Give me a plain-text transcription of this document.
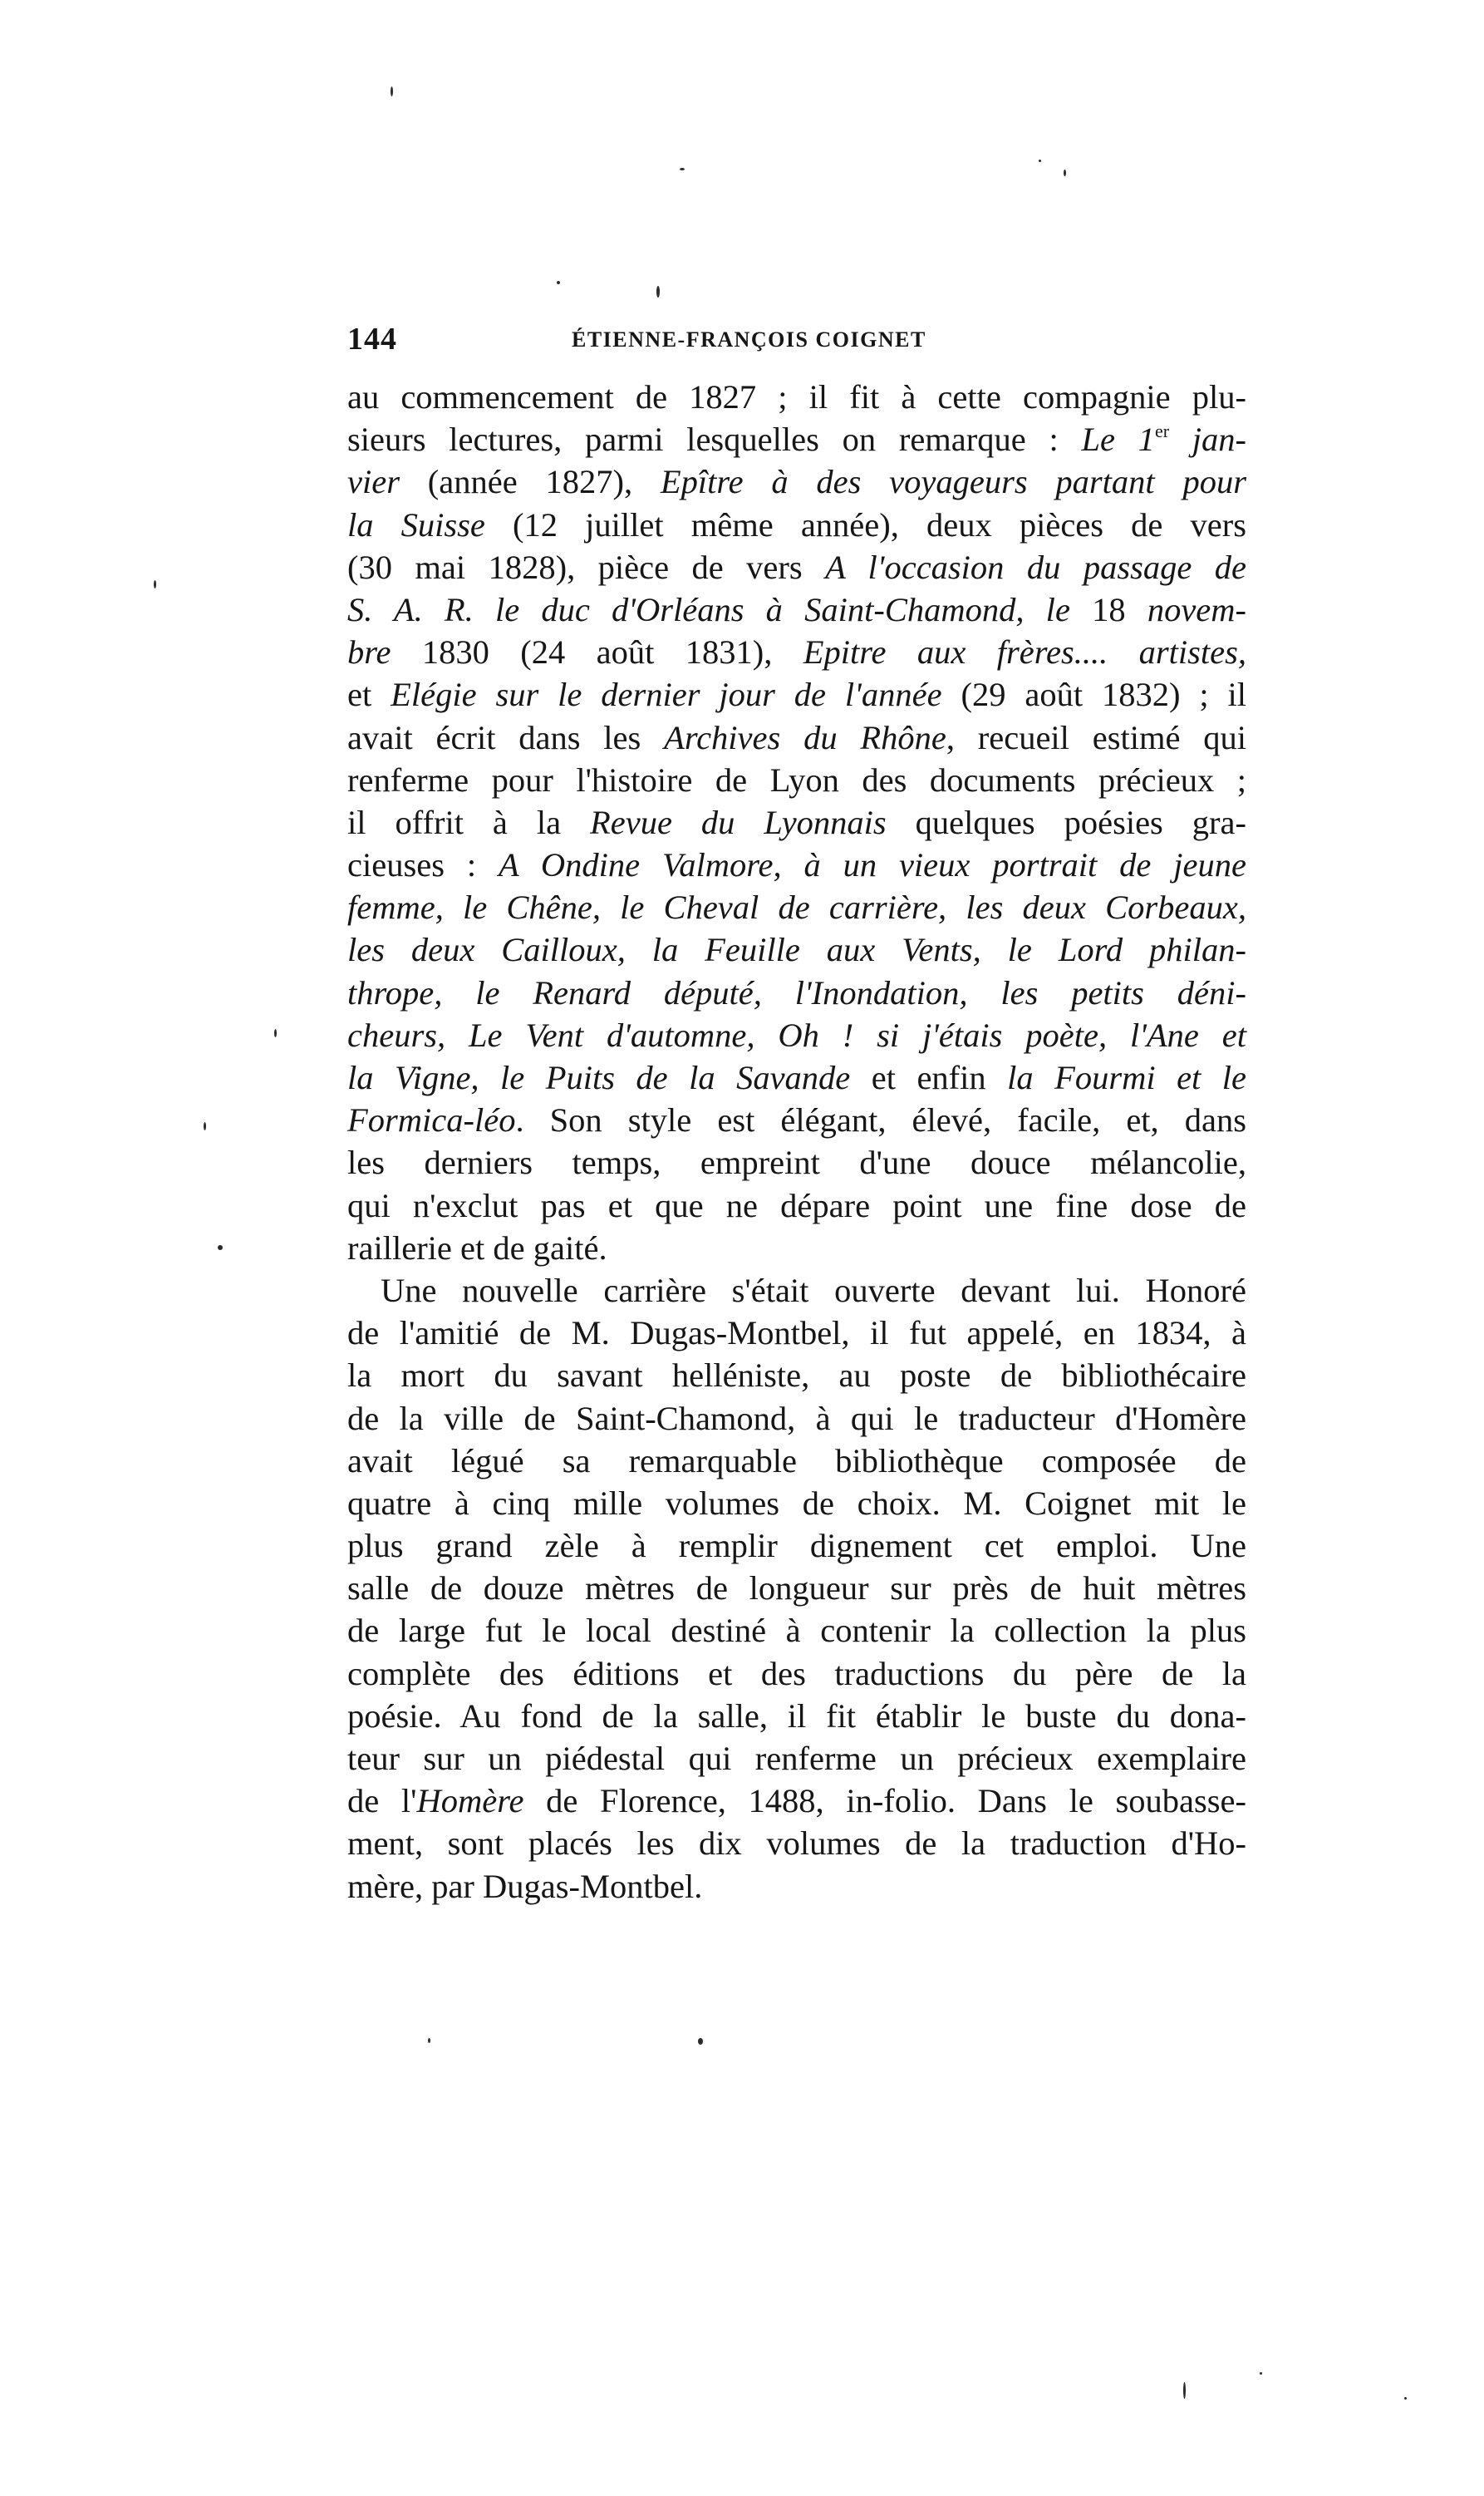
144	ÉTIENNE-FRANÇOIS COIGNET
au commencement de 1827 ; il fit à cette compagnie plu-
sieurs lectures, parmi lesquelles on remarque : Le 1er jan-
vier (année 1827), Epître à des voyageurs partant pour
la Suisse (12 juillet même année), deux pièces de vers
(30 mai 1828), pièce de vers A l'occasion du passage de
S. A. R. le duc d'Orléans à Saint-Chamond, le 18 novem-
bre 1830 (24 août 1831), Epitre aux frères.... artistes,
et Elégie sur le dernier jour de l'année (29 août 1832) ; il
avait écrit dans les Archives du Rhône, recueil estimé qui
renferme pour l'histoire de Lyon des documents précieux ;
il offrit à la Revue du Lyonnais quelques poésies gra-
cieuses : A Ondine Valmore, à un vieux portrait de jeune
femme, le Chêne, le Cheval de carrière, les deux Corbeaux,
les deux Cailloux, la Feuille aux Vents, le Lord philan-
thrope, le Renard député, l'Inondation, les petits déni-
cheurs, Le Vent d'automne, Oh ! si j'étais poète, l'Ane et
la Vigne, le Puits de la Savande et enfin la Fourmi et le
Formica-léo. Son style est élégant, élevé, facile, et, dans
les derniers temps, empreint d'une douce mélancolie,
qui n'exclut pas et que ne dépare point une fine dose de
raillerie et de gaité.
Une nouvelle carrière s'était ouverte devant lui. Honoré
de l'amitié de M. Dugas-Montbel, il fut appelé, en 1834, à
la mort du savant helléniste, au poste de bibliothécaire
de la ville de Saint-Chamond, à qui le traducteur d'Homère
avait légué sa remarquable bibliothèque composée de
quatre à cinq mille volumes de choix. M. Coignet mit le
plus grand zèle à remplir dignement cet emploi. Une
salle de douze mètres de longueur sur près de huit mètres
de large fut le local destiné à contenir la collection la plus
complète des éditions et des traductions du père de la
poésie. Au fond de la salle, il fit établir le buste du dona-
teur sur un piédestal qui renferme un précieux exemplaire
de l'Homère de Florence, 1488, in-folio. Dans le soubasse-
ment, sont placés les dix volumes de la traduction d'Ho-
mère, par Dugas-Montbel.
